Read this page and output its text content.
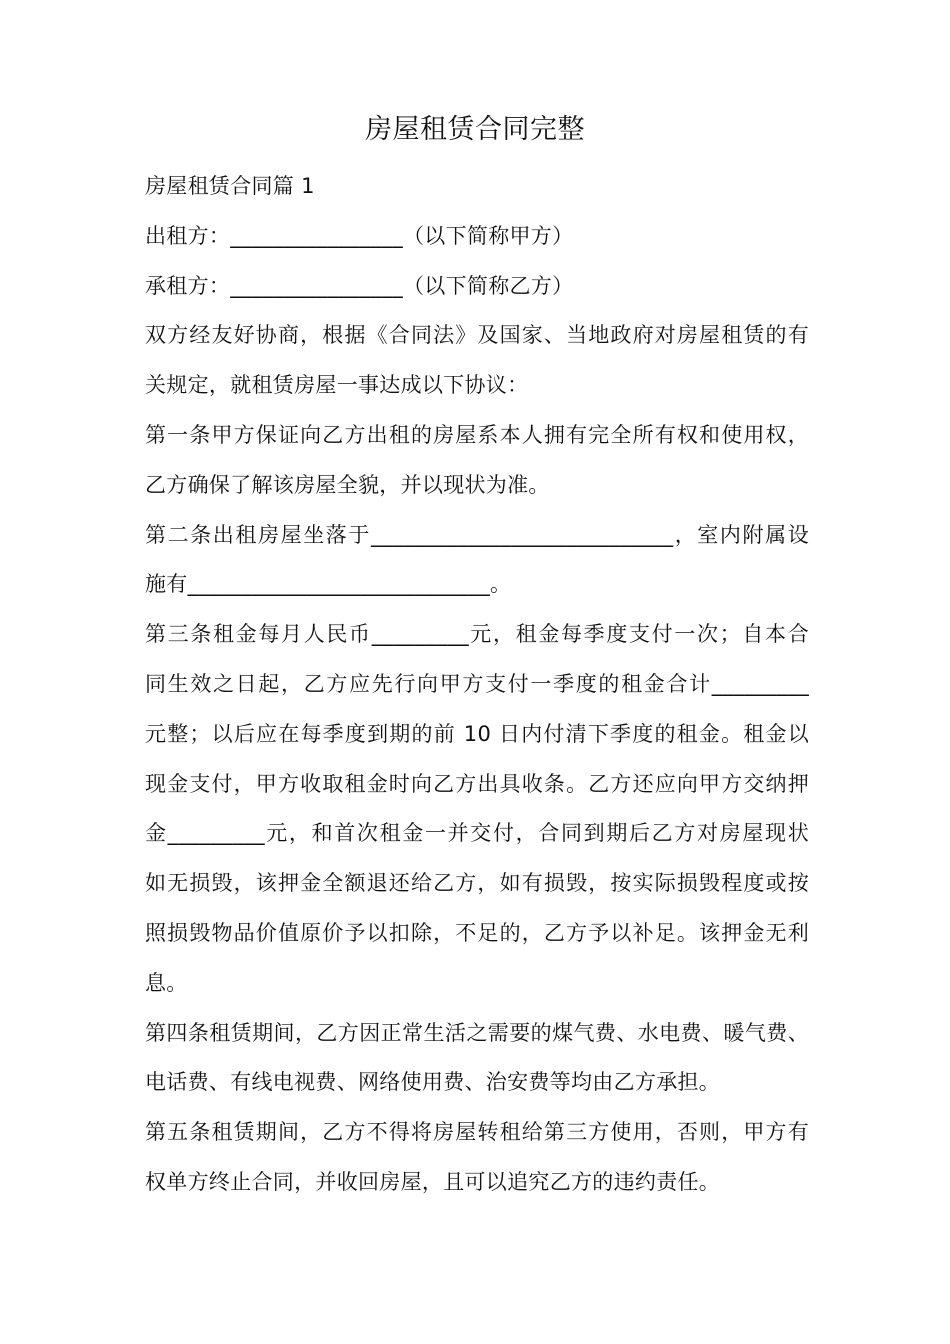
房屋租赁合同完整
房屋租赁合同篇 1
出租方：________________（以下简称甲方）
承租方：________________（以下简称乙方）
双方经友好协商，根据《合同法》及国家、当地政府对房屋租赁的有
关规定，就租赁房屋一事达成以下协议：
第一条甲方保证向乙方出租的房屋系本人拥有完全所有权和使用权，
乙方确保了解该房屋全貌，并以现状为准。
第二条出租房屋坐落于____________________________，室内附属设
施有____________________________。
第三条租金每月人民币_________元，租金每季度支付一次；自本合
同生效之日起，乙方应先行向甲方支付一季度的租金合计_________
元整；以后应在每季度到期的前 10 日内付清下季度的租金。租金以
现金支付，甲方收取租金时向乙方出具收条。乙方还应向甲方交纳押
金_________元，和首次租金一并交付，合同到期后乙方对房屋现状
如无损毁，该押金全额退还给乙方，如有损毁，按实际损毁程度或按
照损毁物品价值原价予以扣除，不足的，乙方予以补足。该押金无利
息。
第四条租赁期间，乙方因正常生活之需要的煤气费、水电费、暖气费、
电话费、有线电视费、网络使用费、治安费等均由乙方承担。
第五条租赁期间，乙方不得将房屋转租给第三方使用，否则，甲方有
权单方终止合同，并收回房屋，且可以追究乙方的违约责任。
